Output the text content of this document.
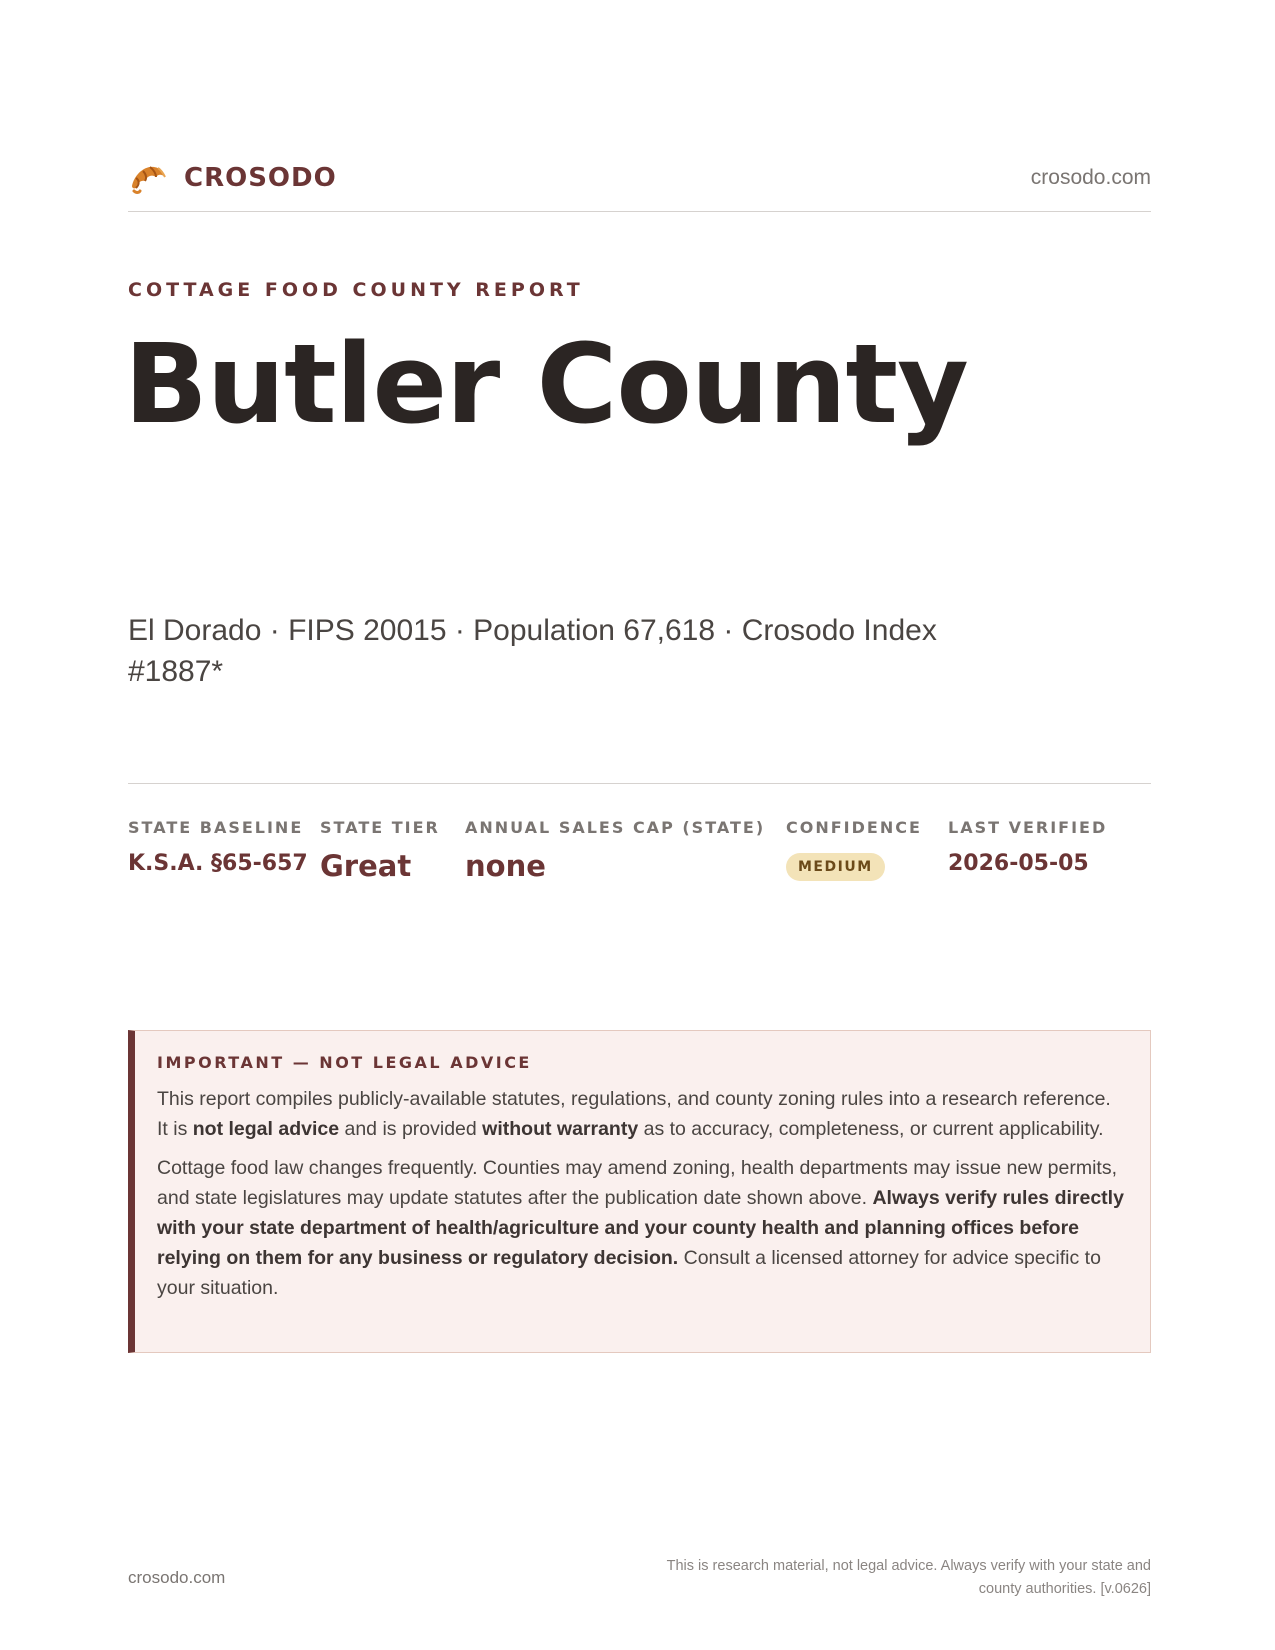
CROSODO	crosodo.com
COTTAGE FOOD COUNTY REPORT
Butler County
El Dorado · FIPS 20015 · Population 67,618 · Crosodo Index #1887*
STATE BASELINE
K.S.A. §65-657
STATE TIER
Great
ANNUAL SALES CAP (STATE)
none
CONFIDENCE
MEDIUM
LAST VERIFIED
2026-05-05
IMPORTANT — NOT LEGAL ADVICE

This report compiles publicly-available statutes, regulations, and county zoning rules into a research reference. It is not legal advice and is provided without warranty as to accuracy, completeness, or current applicability.

Cottage food law changes frequently. Counties may amend zoning, health departments may issue new permits, and state legislatures may update statutes after the publication date shown above. Always verify rules directly with your state department of health/agriculture and your county health and planning offices before relying on them for any business or regulatory decision. Consult a licensed attorney for advice specific to your situation.

crosodo.com
This is research material, not legal advice. Always verify with your state and county authorities. [v.0626]
